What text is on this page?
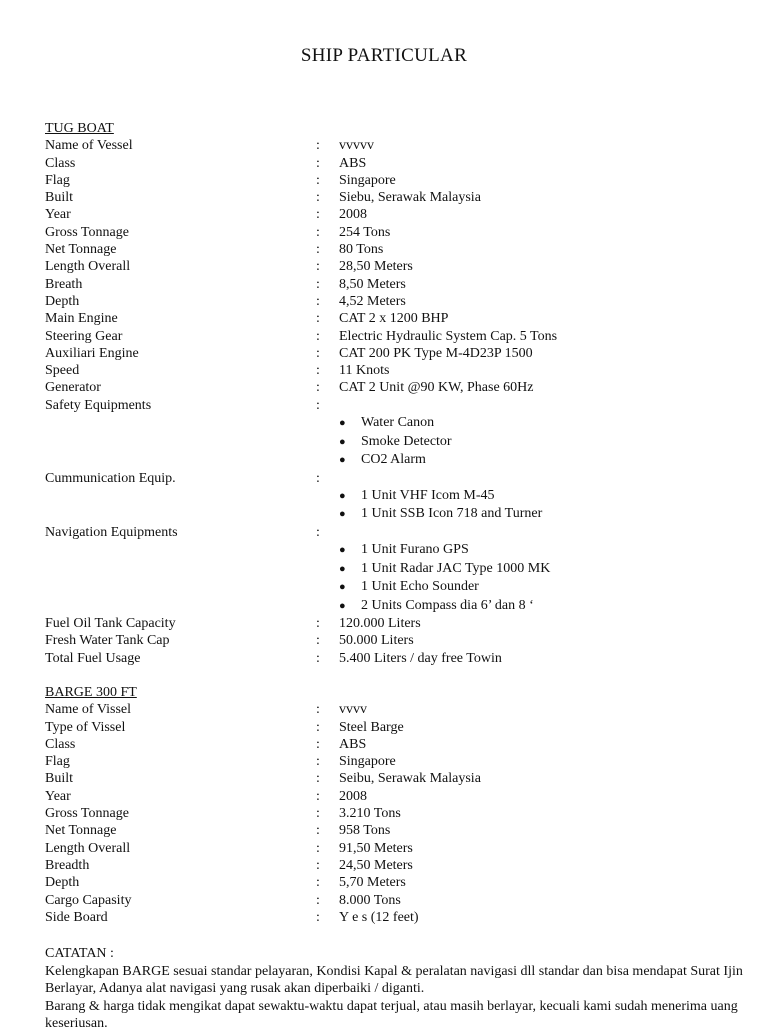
SHIP PARTICULAR
TUG BOAT
Name of Vessel	: vvvvv
Class	: ABS
Flag	: Singapore
Built	: Siebu, Serawak Malaysia
Year	: 2008
Gross Tonnage	: 254 Tons
Net Tonnage	: 80 Tons
Length Overall	: 28,50 Meters
Breath	: 8,50 Meters
Depth	: 4,52 Meters
Main Engine	: CAT 2 x 1200 BHP
Steering Gear	: Electric Hydraulic System Cap. 5 Tons
Auxiliari Engine	: CAT 200 PK Type M-4D23P 1500
Speed	: 11 Knots
Generator	: CAT 2 Unit @90 KW, Phase 60Hz
Safety Equipments	:
● Water Canon
● Smoke Detector
● CO2 Alarm
Cummunication Equip.	:
● 1 Unit VHF Icom M-45
● 1 Unit SSB Icon 718 and Turner
Navigation Equipments	:
● 1 Unit Furano GPS
● 1 Unit Radar JAC Type 1000 MK
● 1 Unit Echo Sounder
● 2 Units Compass dia 6’ dan 8 ‘
Fuel Oil Tank Capacity	: 120.000 Liters
Fresh Water Tank Cap	: 50.000 Liters
Total Fuel Usage	: 5.400 Liters / day free Towin
BARGE 300 FT
Name of Vissel	: vvvv
Type of Vissel	: Steel Barge
Class	: ABS
Flag	: Singapore
Built	: Seibu, Serawak Malaysia
Year	: 2008
Gross Tonnage	: 3.210 Tons
Net Tonnage	: 958 Tons
Length Overall	: 91,50 Meters
Breadth	: 24,50 Meters
Depth	: 5,70 Meters
Cargo Capasity	: 8.000 Tons
Side Board	: Y e s (12 feet)

CATATAN :

Kelengkapan BARGE sesuai standar pelayaran, Kondisi Kapal & peralatan navigasi dll standar dan bisa mendapat Surat Ijin Berlayar, Adanya alat navigasi yang rusak akan diperbaiki / diganti.

Barang & harga tidak mengikat dapat sewaktu-waktu dapat terjual, atau masih berlayar, kecuali kami sudah menerima uang keseriusan.
